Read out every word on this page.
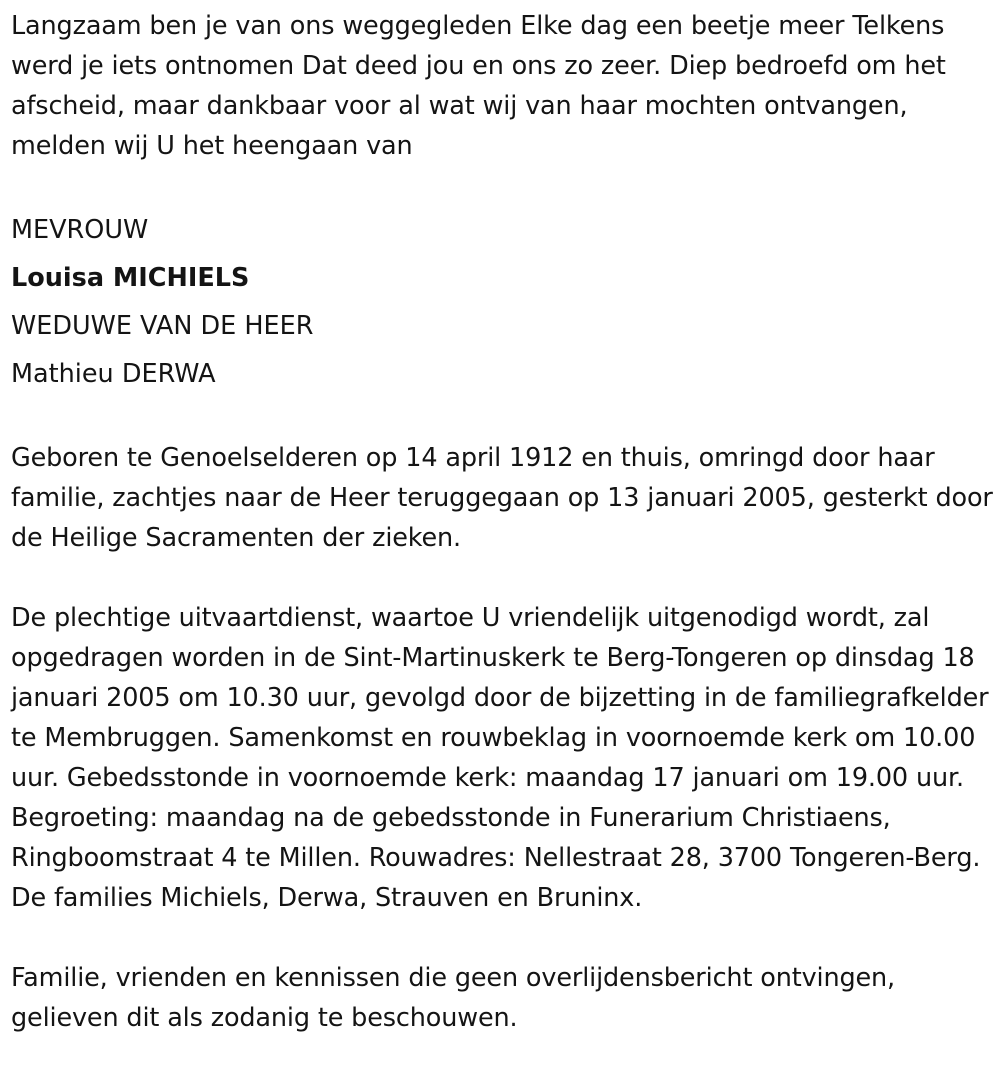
Langzaam ben je van ons weggegleden Elke dag een beetje meer Telkens werd je iets ontnomen Dat deed jou en ons zo zeer. Diep bedroefd om het afscheid, maar dankbaar voor al wat wij van haar mochten ontvangen, melden wij U het heengaan van

MEVROUW

Louisa MICHIELS

WEDUWE VAN DE HEER

Mathieu DERWA

Geboren te Genoelselderen op 14 april 1912 en thuis, omringd door haar familie, zachtjes naar de Heer teruggegaan op 13 januari 2005, gesterkt door de Heilige Sacramenten der zieken.

De plechtige uitvaartdienst, waartoe U vriendelijk uitgenodigd wordt, zal opgedragen worden in de Sint-Martinuskerk te Berg-Tongeren op dinsdag 18 januari 2005 om 10.30 uur, gevolgd door de bijzetting in de familiegrafkelder te Membruggen. Samenkomst en rouwbeklag in voornoemde kerk om 10.00 uur. Gebedsstonde in voornoemde kerk: maandag 17 januari om 19.00 uur. Begroeting: maandag na de gebedsstonde in Funerarium Christiaens, Ringboomstraat 4 te Millen. Rouwadres: Nellestraat 28, 3700 Tongeren-Berg. De families Michiels, Derwa, Strauven en Bruninx.

Familie, vrienden en kennissen die geen overlijdensbericht ontvingen, gelieven dit als zodanig te beschouwen.
